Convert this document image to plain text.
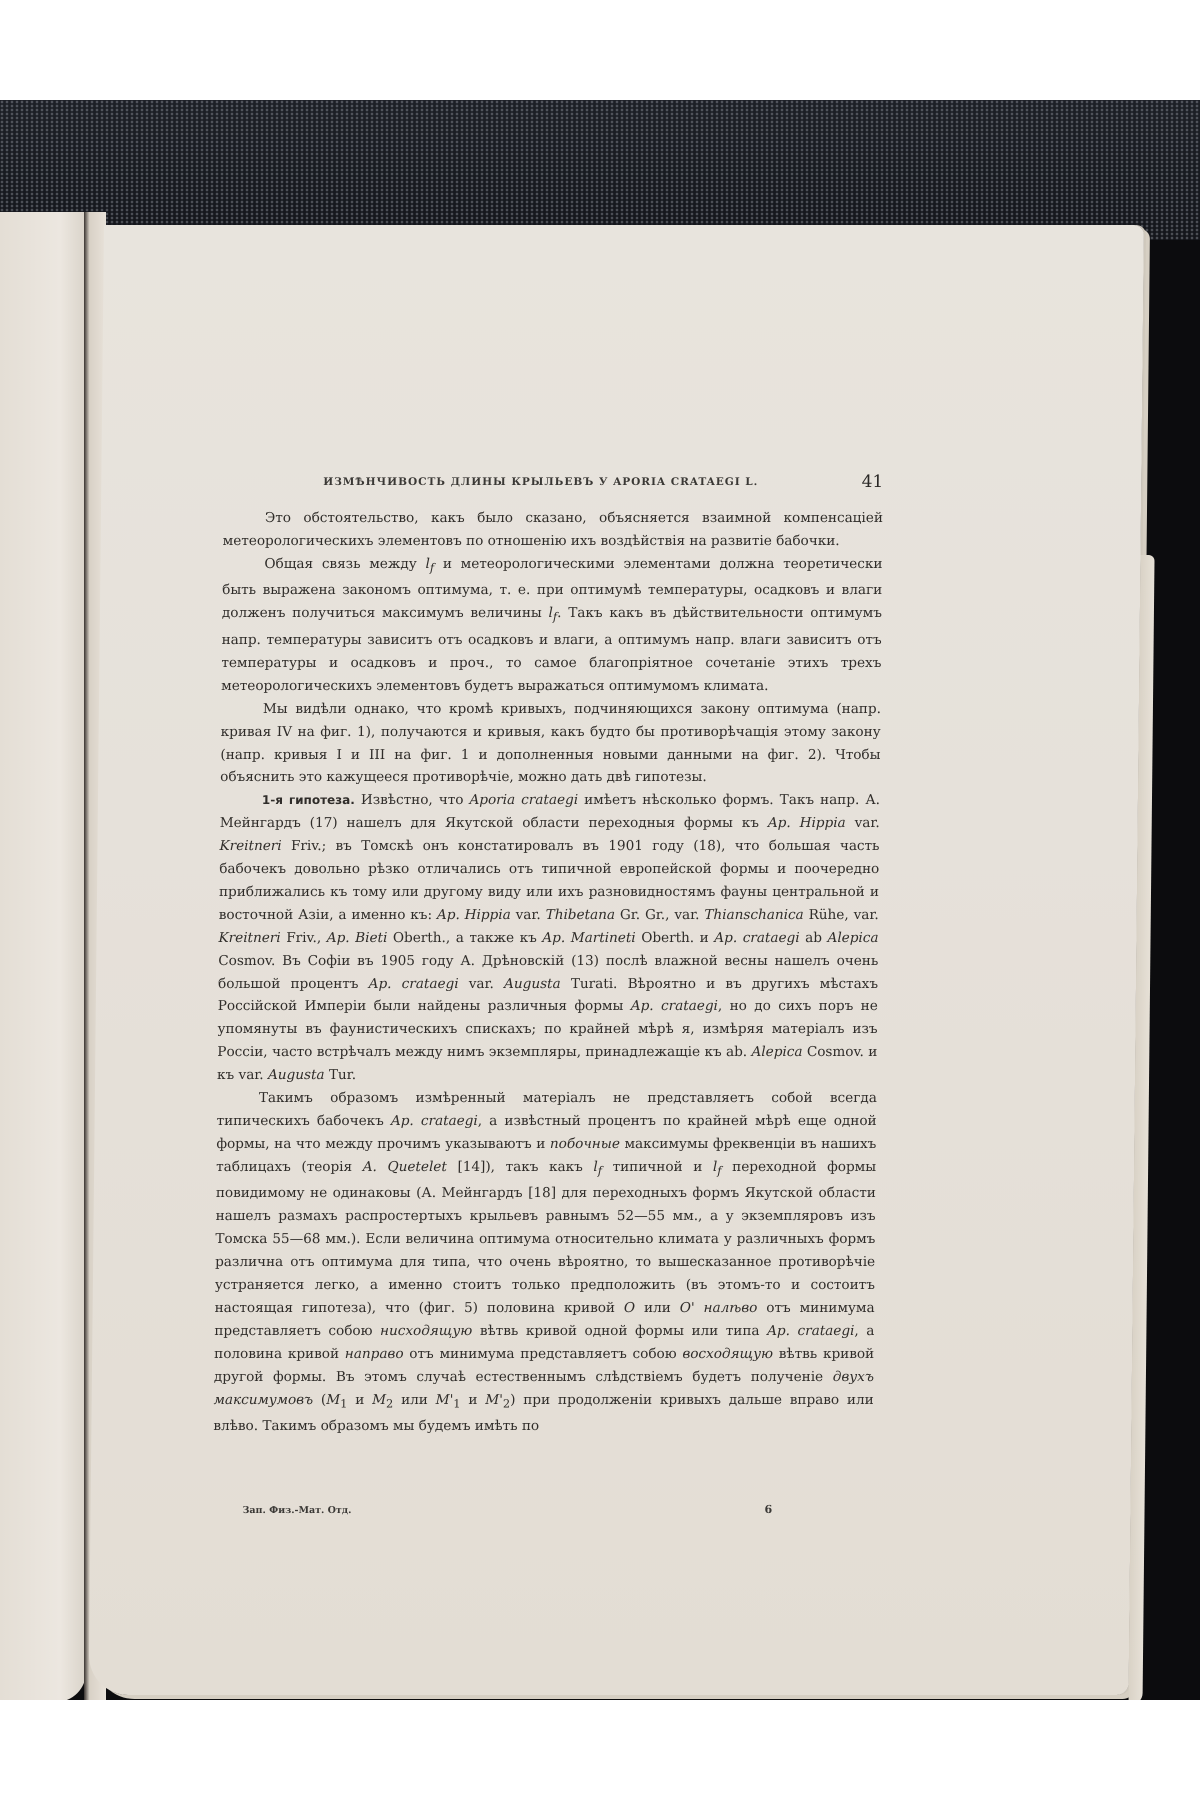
ИЗМѢНЧИВОСТЬ ДЛИНЫ КРЫЛЬЕВЪ У APORIA CRATAEGI L.	41

Это обстоятельство, какъ было сказано, объясняется взаимной компенсаціей метеорологическихъ элементовъ по отношенію ихъ воздѣйствія на развитіе бабочки.

Общая связь между $l_f$ и метеорологическими элементами должна теоретически быть выражена закономъ оптимума, т. е. при оптимумѣ температуры, осадковъ и влаги долженъ получиться максимумъ величины $l_f$. Такъ какъ въ дѣйствительности оптимумъ напр. температуры зависитъ отъ осадковъ и влаги, а оптимумъ напр. влаги зависитъ отъ температуры и осадковъ и проч., то самое благопріятное сочетаніе этихъ трехъ метеорологическихъ элементовъ будетъ выражаться оптимумомъ климата.

Мы видѣли однако, что кромѣ кривыхъ, подчиняющихся закону оптимума (напр. кривая IV на фиг. 1), получаются и кривыя, какъ будто бы противорѣчащія этому закону (напр. кривыя I и III на фиг. 1 и дополненныя новыми данными на фиг. 2). Чтобы объяснить это кажущееся противорѣчіе, можно дать двѣ гипотезы.

1-я гипотеза. Извѣстно, что Aporia crataegi имѣетъ нѣсколько формъ. Такъ напр. А. Мейнгардъ (17) нашелъ для Якутской области переходныя формы къ Ap. Hippia var. Kreitneri Friv.; въ Томскѣ онъ констатировалъ въ 1901 году (18), что большая часть бабочекъ довольно рѣзко отличались отъ типичной европейской формы и поочередно приближались къ тому или другому виду или ихъ разновидностямъ фауны центральной и восточной Азіи, а именно къ: Ap. Hippia var. Thibetana Gr. Gr., var. Thianschanica Rühe, var. Kreitneri Friv., Ap. Bieti Oberth., а также къ Ap. Martineti Oberth. и Ap. crataegi ab Alepica Cosmov. Въ Софіи въ 1905 году А. Дрѣновскій (13) послѣ влажной весны нашелъ очень большой процентъ Ap. crataegi var. Augusta Turati. Вѣроятно и въ другихъ мѣстахъ Россійской Имперіи были найдены различныя формы Ap. crataegi, но до сихъ поръ не упомянуты въ фаунистическихъ спискахъ; по крайней мѣрѣ я, измѣряя матеріалъ изъ Россіи, часто встрѣчалъ между нимъ экземпляры, принадлежащіе къ ab. Alepica Cosmov. и къ var. Augusta Tur.

Такимъ образомъ измѣренный матеріалъ не представляетъ собой всегда типическихъ бабочекъ Ap. crataegi, а извѣстный процентъ по крайней мѣрѣ еще одной формы, на что между прочимъ указываютъ и побочные максимумы фреквенціи въ нашихъ таблицахъ (теорія A. Quetelet [14]), такъ какъ $l_f$ типичной и $l_f$ переходной формы повидимому не одинаковы (А. Мейнгардъ [18] для переходныхъ формъ Якутской области нашелъ размахъ распростертыхъ крыльевъ равнымъ 52—55 мм., а у экземпляровъ изъ Томска 55—68 мм.). Если величина оптимума относительно климата у различныхъ формъ различна отъ оптимума для типа, что очень вѣроятно, то вышесказанное противорѣчіе устраняется легко, а именно стоитъ только предположить (въ этомъ-то и состоитъ настоящая гипотеза), что (фиг. 5) половина кривой O или O' налѣво отъ минимума представляетъ собою нисходящую вѣтвь кривой одной формы или типа Ap. crataegi, а половина кривой направо отъ минимума представляетъ собою восходящую вѣтвь кривой другой формы. Въ этомъ случаѣ естественнымъ слѣдствіемъ будетъ полученіе двухъ максимумовъ ($M_1$ и $M_2$ или $M'_1$ и $M'_2$) при продолженіи кривыхъ дальше вправо или влѣво. Такимъ образомъ мы будемъ имѣть по

Зап. Физ.-Мат. Отд.	6
